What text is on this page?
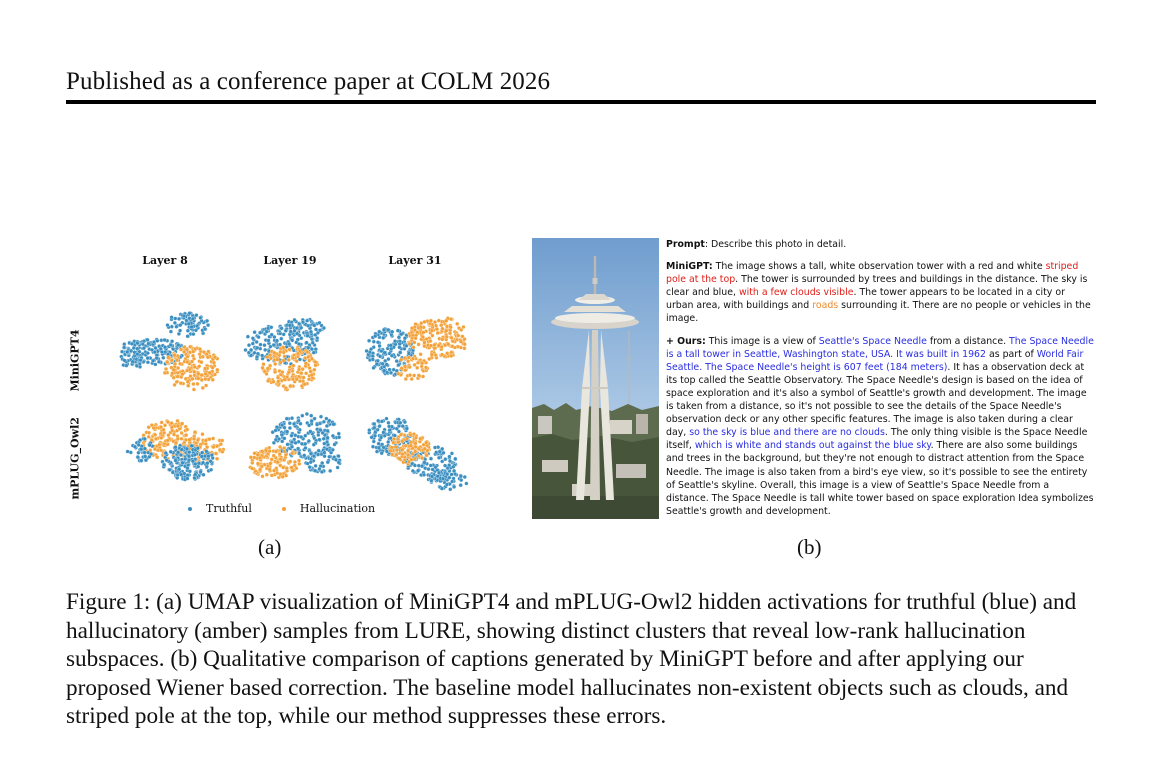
Published as a conference paper at COLM 2026
Layer 8	Layer 19	Layer 31
MiniGPT4
mPLUG_Owl2
Truthful	Hallucination
(a)

Prompt: Describe this photo in detail.

MiniGPT: The image shows a tall, white observation tower with a red and white striped pole at the top. The tower is surrounded by trees and buildings in the distance. The sky is clear and blue, with a few clouds visible. The tower appears to be located in a city or urban area, with buildings and roads surrounding it. There are no people or vehicles in the image.

+ Ours: This image is a view of Seattle's Space Needle from a distance. The Space Needle is a tall tower in Seattle, Washington state, USA. It was built in 1962 as part of World Fair Seattle. The Space Needle's height is 607 feet (184 meters). It has a observation deck at its top called the Seattle Observatory. The Space Needle's design is based on the idea of space exploration and it's also a symbol of Seattle's growth and development. The image is taken from a distance, so it's not possible to see the details of the Space Needle's observation deck or any other specific features. The image is also taken during a clear day, so the sky is blue and there are no clouds. The only thing visible is the Space Needle itself, which is white and stands out against the blue sky. There are also some buildings and trees in the background, but they're not enough to distract attention from the Space Needle. The image is also taken from a bird's eye view, so it's possible to see the entirety of Seattle's skyline. Overall, this image is a view of Seattle's Space Needle from a distance. The Space Needle is tall white tower based on space exploration Idea symbolizes Seattle's growth and development.

(b)
Figure 1: (a) UMAP visualization of MiniGPT4 and mPLUG-Owl2 hidden activations for truthful (blue) and hallucinatory (amber) samples from LURE, showing distinct clusters that reveal low-rank hallucination subspaces. (b) Qualitative comparison of captions generated by MiniGPT before and after applying our proposed Wiener based correction. The baseline model hallucinates non-existent objects such as clouds, and striped pole at the top, while our method suppresses these errors.
